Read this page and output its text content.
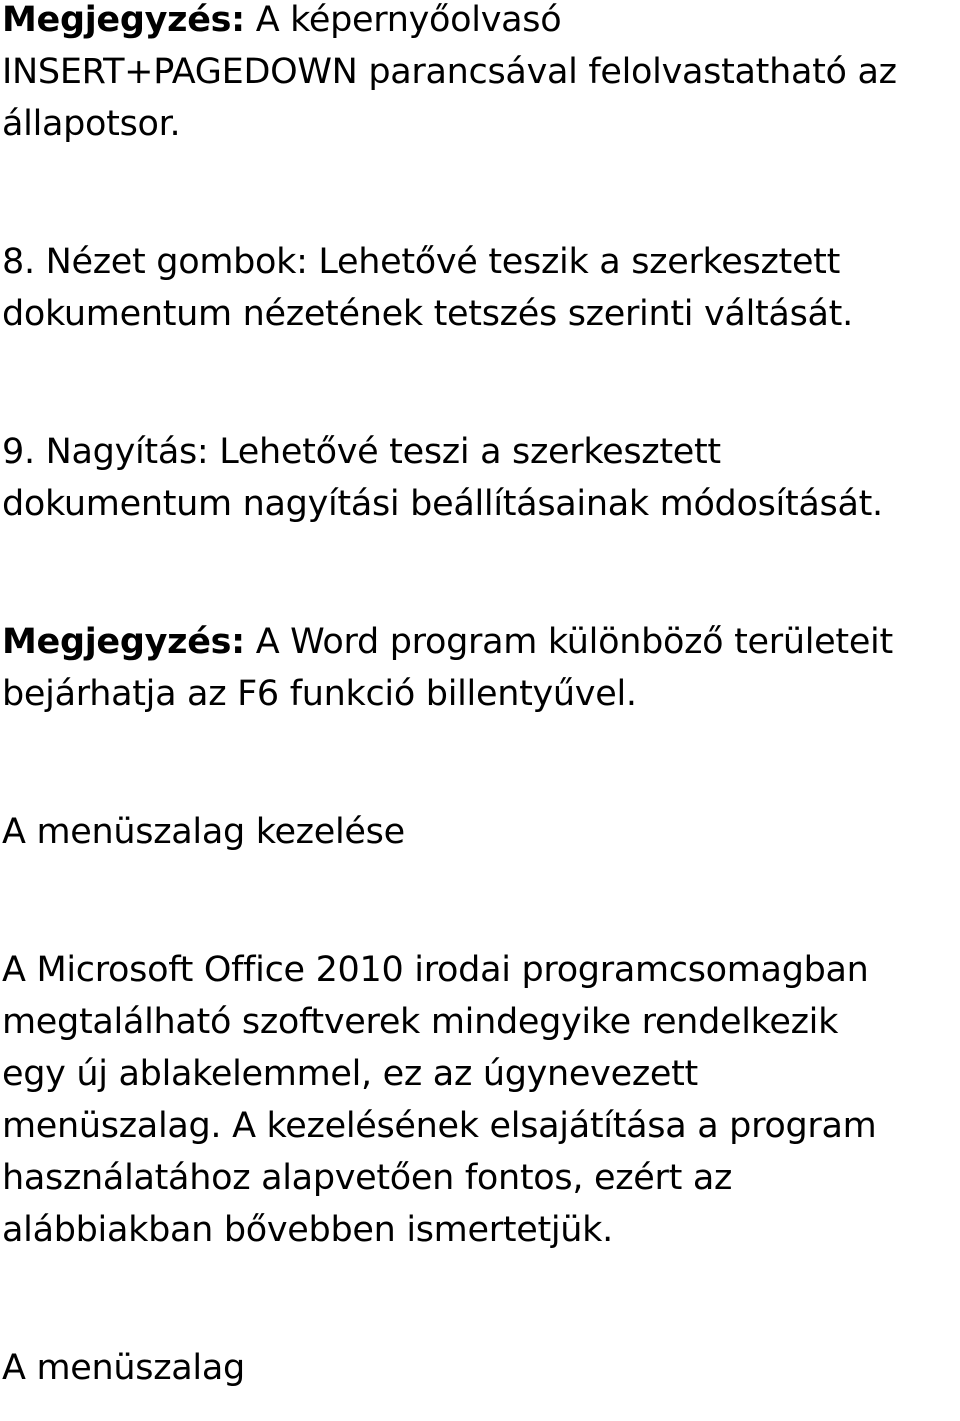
Megjegyzés: A képernyőolvasó
INSERT+PAGEDOWN parancsával felolvastatható az
állapotsor.

8. Nézet gombok: Lehetővé teszik a szerkesztett
dokumentum nézetének tetszés szerinti váltását.

9. Nagyítás: Lehetővé teszi a szerkesztett
dokumentum nagyítási beállításainak módosítását.

Megjegyzés: A Word program különböző területeit
bejárhatja az F6 funkció billentyűvel.

A menüszalag kezelése

A Microsoft Office 2010 irodai programcsomagban
megtalálható szoftverek mindegyike rendelkezik
egy új ablakelemmel, ez az úgynevezett
menüszalag. A kezelésének elsajátítása a program
használatához alapvetően fontos, ezért az
alábbiakban bővebben ismertetjük.

A menüszalag
